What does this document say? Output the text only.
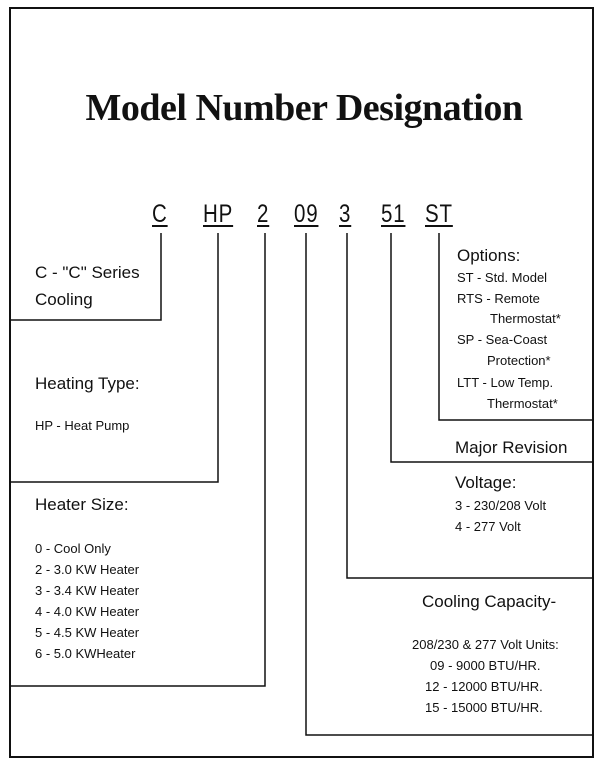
Model Number Designation
C HP 2 09 3 51 ST
C - "C" Series
Cooling
Heating Type:
HP - Heat Pump
Heater Size:
0 - Cool Only
2 - 3.0 KW Heater
3 - 3.4 KW Heater
4 - 4.0 KW Heater
5 - 4.5 KW Heater
6 - 5.0 KWHeater
Options:
ST - Std. Model
RTS - Remote
Thermostat*
SP - Sea-Coast
Protection*
LTT - Low Temp.
Thermostat*
Major Revision
Voltage:
3 - 230/208 Volt
4 - 277 Volt
Cooling Capacity-
208/230 & 277 Volt Units:
09 - 9000 BTU/HR.
12 - 12000 BTU/HR.
15 - 15000 BTU/HR.
